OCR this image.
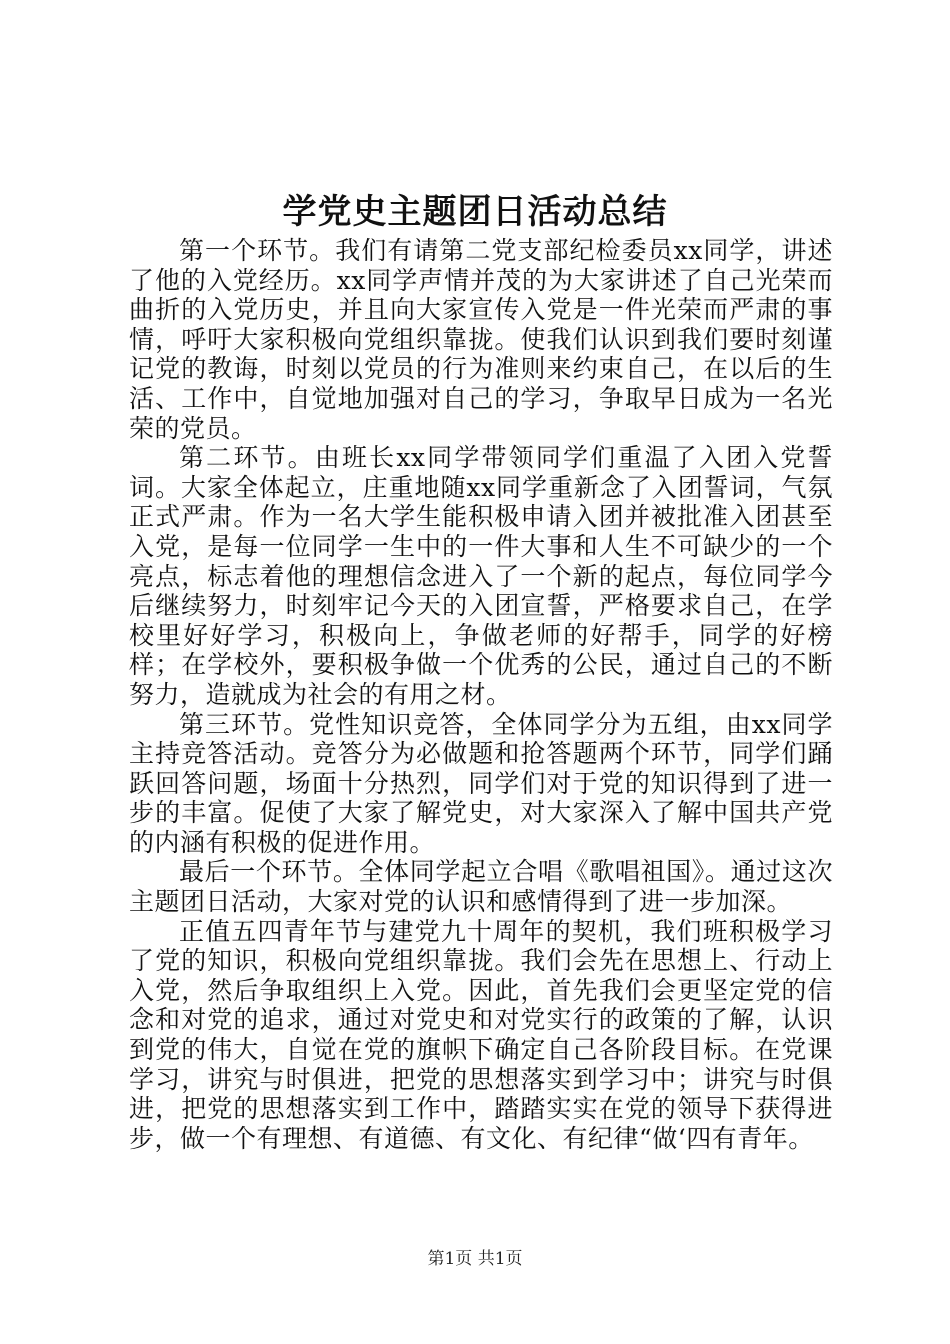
学党史主题团日活动总结

第一个环节。我们有请第二党支部纪检委员xx同学，讲述了他的入党经历。xx同学声情并茂的为大家讲述了自己光荣而曲折的入党历史，并且向大家宣传入党是一件光荣而严肃的事情，呼吁大家积极向党组织靠拢。使我们认识到我们要时刻谨记党的教诲，时刻以党员的行为准则来约束自己，在以后的生活、工作中，自觉地加强对自己的学习，争取早日成为一名光荣的党员。

第二环节。由班长xx同学带领同学们重温了入团入党誓词。大家全体起立，庄重地随xx同学重新念了入团誓词，气氛正式严肃。作为一名大学生能积极申请入团并被批准入团甚至入党，是每一位同学一生中的一件大事和人生不可缺少的一个亮点，标志着他的理想信念进入了一个新的起点，每位同学今后继续努力，时刻牢记今天的入团宣誓，严格要求自己，在学校里好好学习，积极向上，争做老师的好帮手，同学的好榜样；在学校外，要积极争做一个优秀的公民，通过自己的不断努力，造就成为社会的有用之材。

第三环节。党性知识竞答，全体同学分为五组，由xx同学主持竞答活动。竞答分为必做题和抢答题两个环节，同学们踊跃回答问题，场面十分热烈，同学们对于党的知识得到了进一步的丰富。促使了大家了解党史，对大家深入了解中国共产党的内涵有积极的促进作用。

最后一个环节。全体同学起立合唱《歌唱祖国》。通过这次主题团日活动，大家对党的认识和感情得到了进一步加深。

正值五四青年节与建党九十周年的契机，我们班积极学习了党的知识，积极向党组织靠拢。我们会先在思想上、行动上入党，然后争取组织上入党。因此，首先我们会更坚定党的信念和对党的追求，通过对党史和对党实行的政策的了解，认识到党的伟大，自觉在党的旗帜下确定自己各阶段目标。在党课学习，讲究与时俱进，把党的思想落实到学习中；讲究与时俱进，把党的思想落实到工作中，踏踏实实在党的领导下获得进步，做一个有理想、有道德、有文化、有纪律“做‘四有青年。

第1页 共1页
